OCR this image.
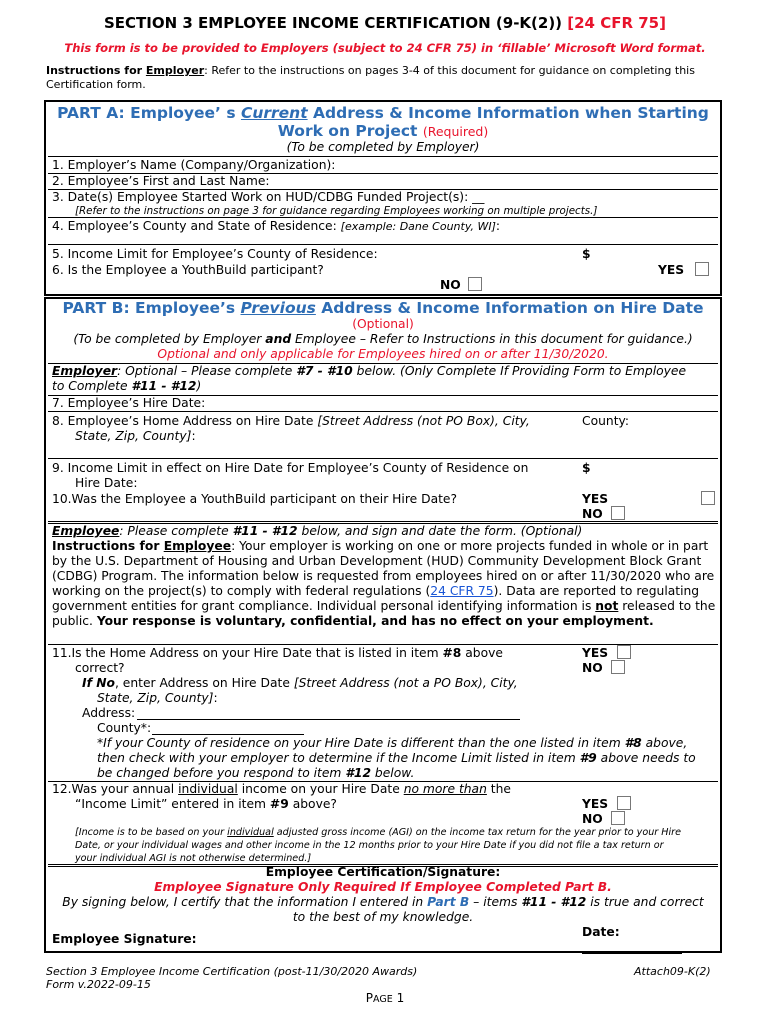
SECTION 3 EMPLOYEE INCOME CERTIFICATION (9-K(2)) [24 CFR 75]
This form is to be provided to Employers (subject to 24 CFR 75) in ‘fillable’ Microsoft Word format.
Instructions for Employer: Refer to the instructions on pages 3-4 of this document for guidance on completing this
Certification form.
PART A: Employee’ s Current Address & Income Information when Starting
Work on Project (Required)
(To be completed by Employer)
1. Employer’s Name (Company/Organization):
2. Employee’s First and Last Name:
3. Date(s) Employee Started Work on HUD/CDBG Funded Project(s): __
[Refer to the instructions on page 3 for guidance regarding Employees working on multiple projects.]
4. Employee’s County and State of Residence: [example: Dane County, WI]:
5. Income Limit for Employee’s County of Residence:	$
6. Is the Employee a YouthBuild participant?	YES
NO
PART B: Employee’s Previous Address & Income Information on Hire Date
(Optional)
(To be completed by Employer and Employee – Refer to Instructions in this document for guidance.)
Optional and only applicable for Employees hired on or after 11/30/2020.
Employer: Optional – Please complete #7 - #10 below. (Only Complete If Providing Form to Employee
to Complete #11 - #12)
7. Employee’s Hire Date:
8. Employee’s Home Address on Hire Date [Street Address (not PO Box), City,
State, Zip, County]:
County:
9. Income Limit in effect on Hire Date for Employee’s County of Residence on
Hire Date:
$
10.Was the Employee a YouthBuild participant on their Hire Date?	YES
NO
Employee: Please complete #11 - #12 below, and sign and date the form. (Optional)
Instructions for Employee: Your employer is working on one or more projects funded in whole or in part by the U.S. Department of Housing and Urban Development (HUD) Community Development Block Grant (CDBG) Program. The information below is requested from employees hired on or after 11/30/2020 who are working on the project(s) to comply with federal regulations (24 CFR 75). Data are reported to regulating government entities for grant compliance. Individual personal identifying information is not released to the public. Your response is voluntary, confidential, and has no effect on your employment.
11.Is the Home Address on your Hire Date that is listed in item #8 above
correct?
YES
NO
If No, enter Address on Hire Date [Street Address (not a PO Box), City,
State, Zip, County]:
Address:
County*:
*If your County of residence on your Hire Date is different than the one listed in item #8 above,
then check with your employer to determine if the Income Limit listed in item #9 above needs to
be changed before you respond to item #12 below.
12.Was your annual individual income on your Hire Date no more than the
“Income Limit” entered in item #9 above?	YES
NO
[Income is to be based on your individual adjusted gross income (AGI) on the income tax return for the year prior to your Hire
Date, or your individual wages and other income in the 12 months prior to your Hire Date if you did not file a tax return or
your individual AGI is not otherwise determined.]
Employee Certification/Signature:
Employee Signature Only Required If Employee Completed Part B.
By signing below, I certify that the information I entered in Part B – items #11 - #12 is true and correct
to the best of my knowledge.
Employee Signature:	Date:
Section 3 Employee Income Certification (post-11/30/2020 Awards)
Form v.2022-09-15
Attach09-K(2)
PAGE 1
